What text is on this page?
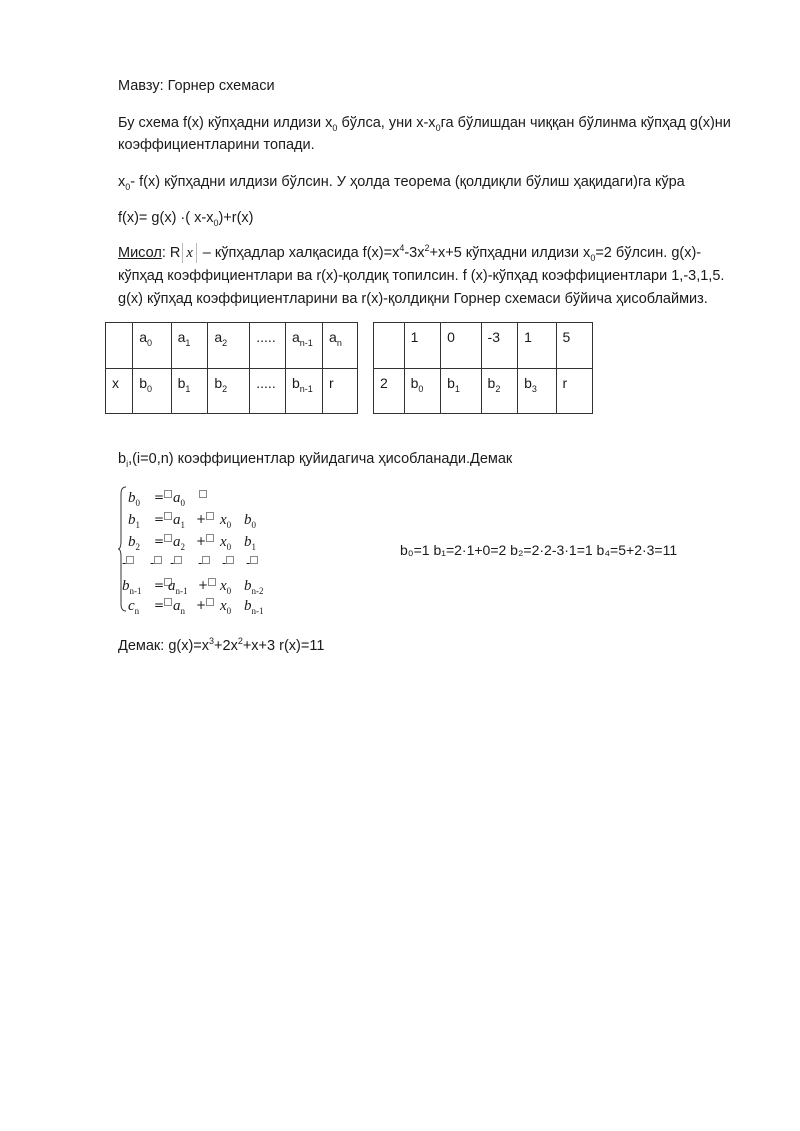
Мавзу: Горнер схемаси
Бу схема f(x) кўпҳадни илдизи $x_0$ бўлса, уни $x-x_0га$ бўлишдан чиққан бўлинма кўпҳад g(x)ни
коэффициентларини топади.
$x_0-$ f(x) кўпҳадни илдизи бўлсин. У ҳолда теорема (қолдиқли бўлиш ҳақидаги)га кўра
f(x)= g(x) ·( $x-x_0)+r(x)$
Мисол: R x – кўпҳадлар халқасида $f(x)=x^4-3x^2+x+5$ кўпҳадни илдизи $x_0=2$ бўлсин. g(x)-
кўпҳад коэффициентлари ва r(x)-қолдиқ топилсин. f (x)-кўпҳад коэффициентлари 1,-3,1,5.
g(x) кўпҳад коэффициентларини ва r(x)-қолдиқни Горнер схемаси бўйича ҳисоблаймиз.
	$a_0$	$a_1$	$a_2$	.....	$a_{n-1}$	$a_n$
x	$b_0$	$b_1$	$b_2$	.....	$b_{n-1}$	r
	1	0	-3	1	5
2	$b_0$	$b_1$	$b_2$	$b_3$	r
$b_i,(i=0,n)$ коэффициентлар қуйидагича ҳисобланади.Демак
$b_0 = a_0$
$b_1 = a_1 + x_0$ $b_0$
$b_2 = a_2 + x_0$ $b_1$
- - - - - -
$b_{n-1} = a_{n-1} + x_0$ $b_{n-2}$
$c_n = a_n + x_0$ $b_{n-1}$
b₀=1 b₁=2·1+0=2 b₂=2·2-3·1=1 b₄=5+2·3=11
Демак: $g(x)=x^3+2x^2+x+3$ r(x)=11
